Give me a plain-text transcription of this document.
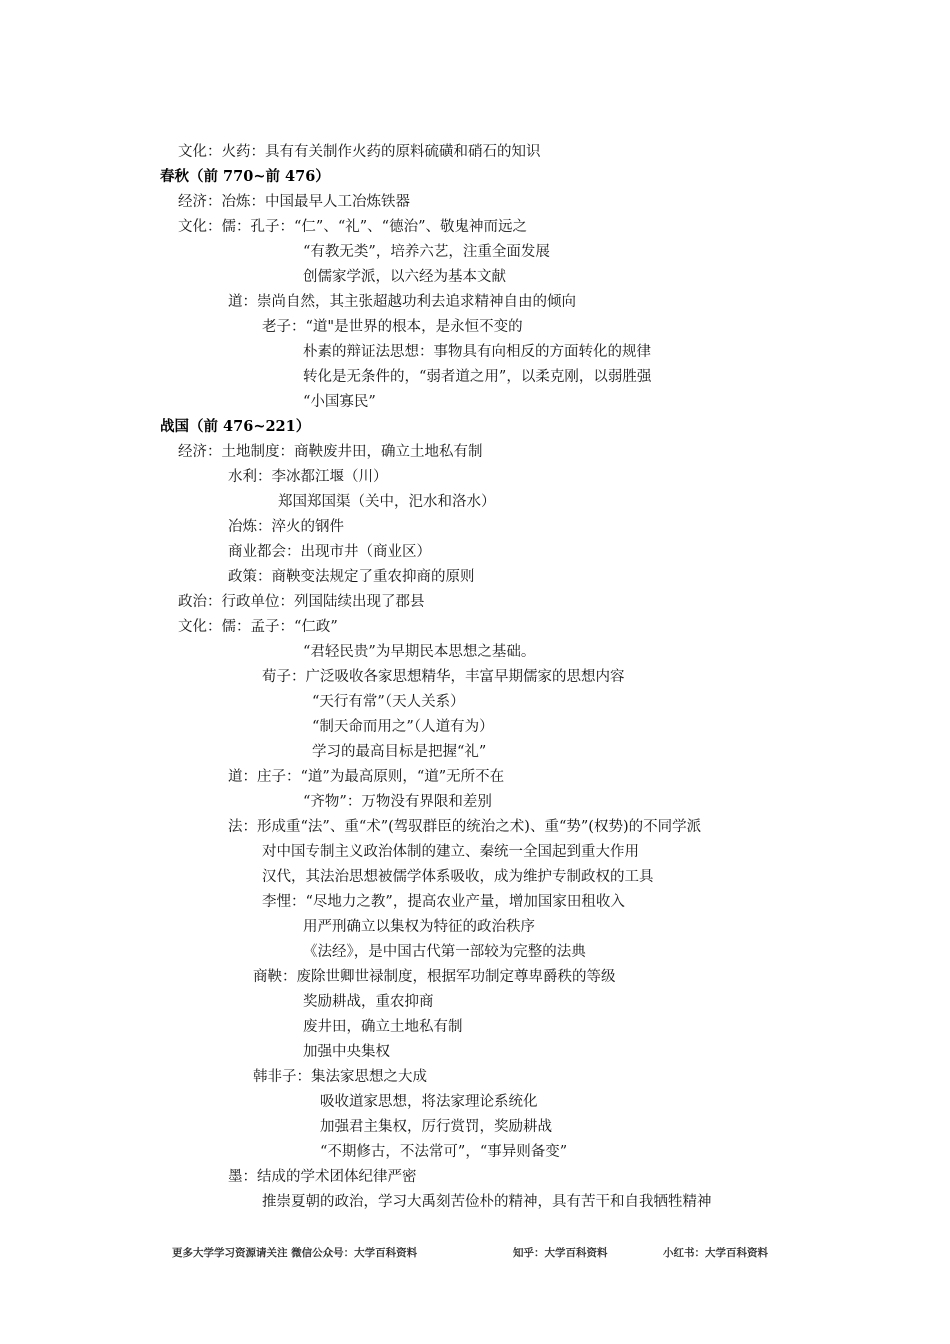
文化：火药：具有有关制作火药的原料硫磺和硝石的知识
春秋（前 770~前 476）
经济：冶炼：中国最早人工冶炼铁器
文化：儒：孔子：“仁”、“礼”、“德治”、敬鬼神而远之
“有教无类”，培养六艺，注重全面发展
创儒家学派，以六经为基本文献
道：崇尚自然，其主张超越功利去追求精神自由的倾向
老子：“道"是世界的根本，是永恒不变的
朴素的辩证法思想：事物具有向相反的方面转化的规律
转化是无条件的，“弱者道之用”，以柔克刚，以弱胜强
“小国寡民”
战国（前 476~221）
经济：土地制度：商鞅废井田，确立土地私有制
水利：李冰都江堰（川）
郑国郑国渠（关中，汜水和洛水）
冶炼：淬火的钢件
商业都会：出现市井（商业区）
政策：商鞅变法规定了重农抑商的原则
政治：行政单位：列国陆续出现了郡县
文化：儒：孟子：“仁政”
“君轻民贵”为早期民本思想之基础。
荀子：广泛吸收各家思想精华，丰富早期儒家的思想内容
“天行有常”（天人关系）
“制天命而用之”（人道有为）
学习的最高目标是把握“礼”
道：庄子：“道”为最高原则，“道”无所不在
“齐物”：万物没有界限和差别
法：形成重“法”、重“术”(驾驭群臣的统治之术)、重“势”(权势)的不同学派
对中国专制主义政治体制的建立、秦统一全国起到重大作用
汉代，其法治思想被儒学体系吸收，成为维护专制政权的工具
李悝：“尽地力之教”，提高农业产量，增加国家田租收入
用严刑确立以集权为特征的政治秩序
《法经》，是中国古代第一部较为完整的法典
商鞅：废除世卿世禄制度，根据军功制定尊卑爵秩的等级
奖励耕战，重农抑商
废井田，确立土地私有制
加强中央集权
韩非子：集法家思想之大成
吸收道家思想，将法家理论系统化
加强君主集权，厉行赏罚，奖励耕战
“不期修古，不法常可”，“事异则备变”
墨：结成的学术团体纪律严密
推崇夏朝的政治，学习大禹刻苦俭朴的精神，具有苦干和自我牺牲精神
更多大学学习资源请关注 微信公众号：大学百科资料	知乎：大学百科资料	小红书：大学百科资料
